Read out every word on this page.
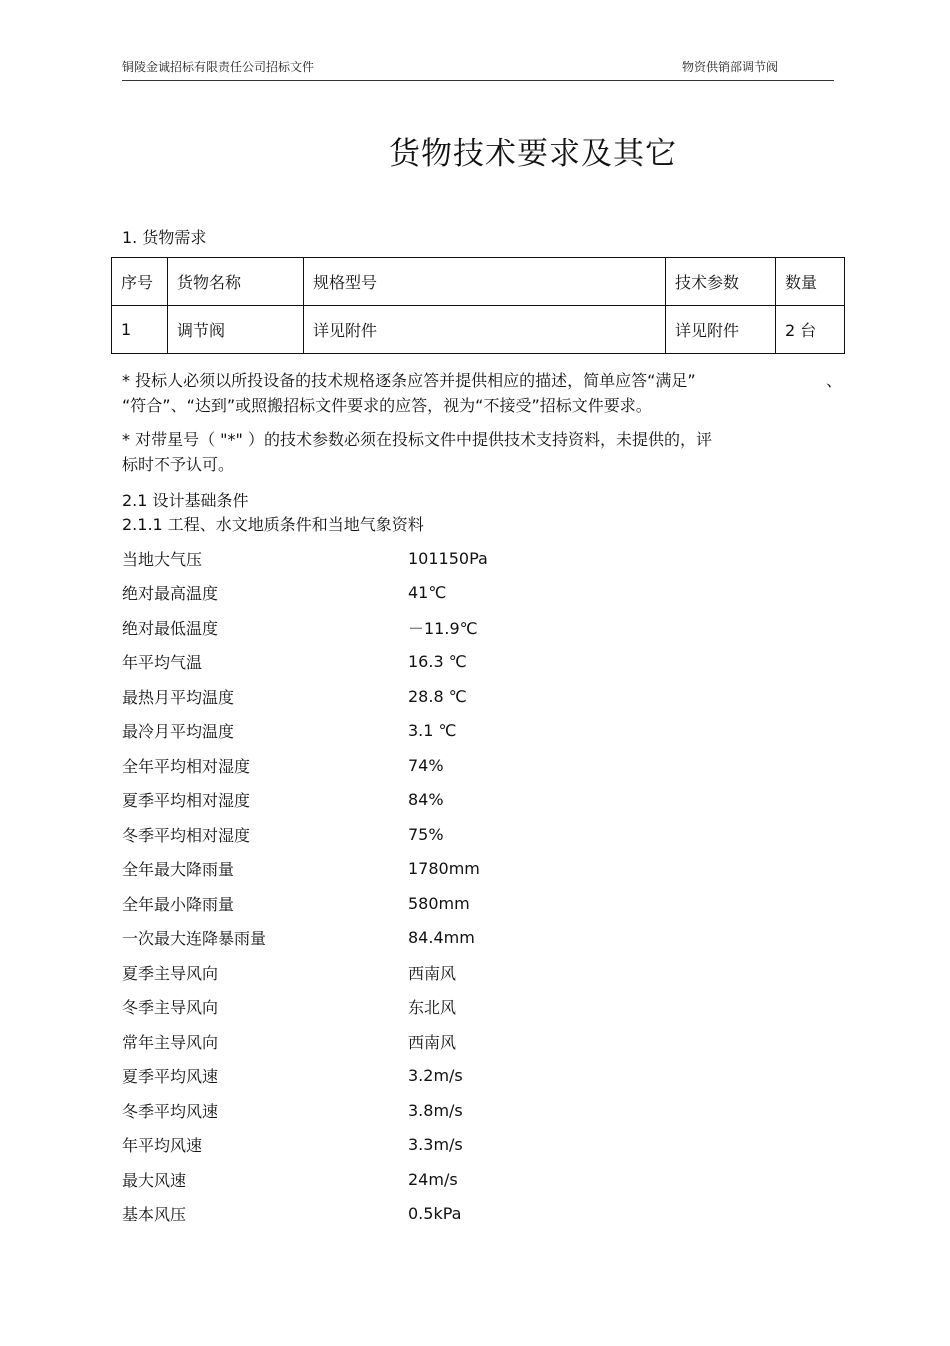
铜陵金诚招标有限责任公司招标文件	物资供销部调节阀
货物技术要求及其它
1. 货物需求
序号	货物名称	规格型号	技术参数	数量
1	调节阀	详见附件	详见附件	2 台
* 投标人必须以所投设备的技术规格逐条应答并提供相应的描述，简单应答“满足”	、
“符合”、“达到”或照搬招标文件要求的应答，视为“不接受”招标文件要求。
* 对带星号（ "*" ）的技术参数必须在投标文件中提供技术支持资料，未提供的，评
标时不予认可。
2.1 设计基础条件
2.1.1 工程、水文地质条件和当地气象资料
当地大气压	101150Pa
绝对最高温度	41℃
绝对最低温度	－11.9℃
年平均气温	16.3 ℃
最热月平均温度	28.8 ℃
最冷月平均温度	3.1 ℃
全年平均相对湿度	74%
夏季平均相对湿度	84%
冬季平均相对湿度	75%
全年最大降雨量	1780mm
全年最小降雨量	580mm
一次最大连降暴雨量	84.4mm
夏季主导风向	西南风
冬季主导风向	东北风
常年主导风向	西南风
夏季平均风速	3.2m/s
冬季平均风速	3.8m/s
年平均风速	3.3m/s
最大风速	24m/s
基本风压	0.5kPa
